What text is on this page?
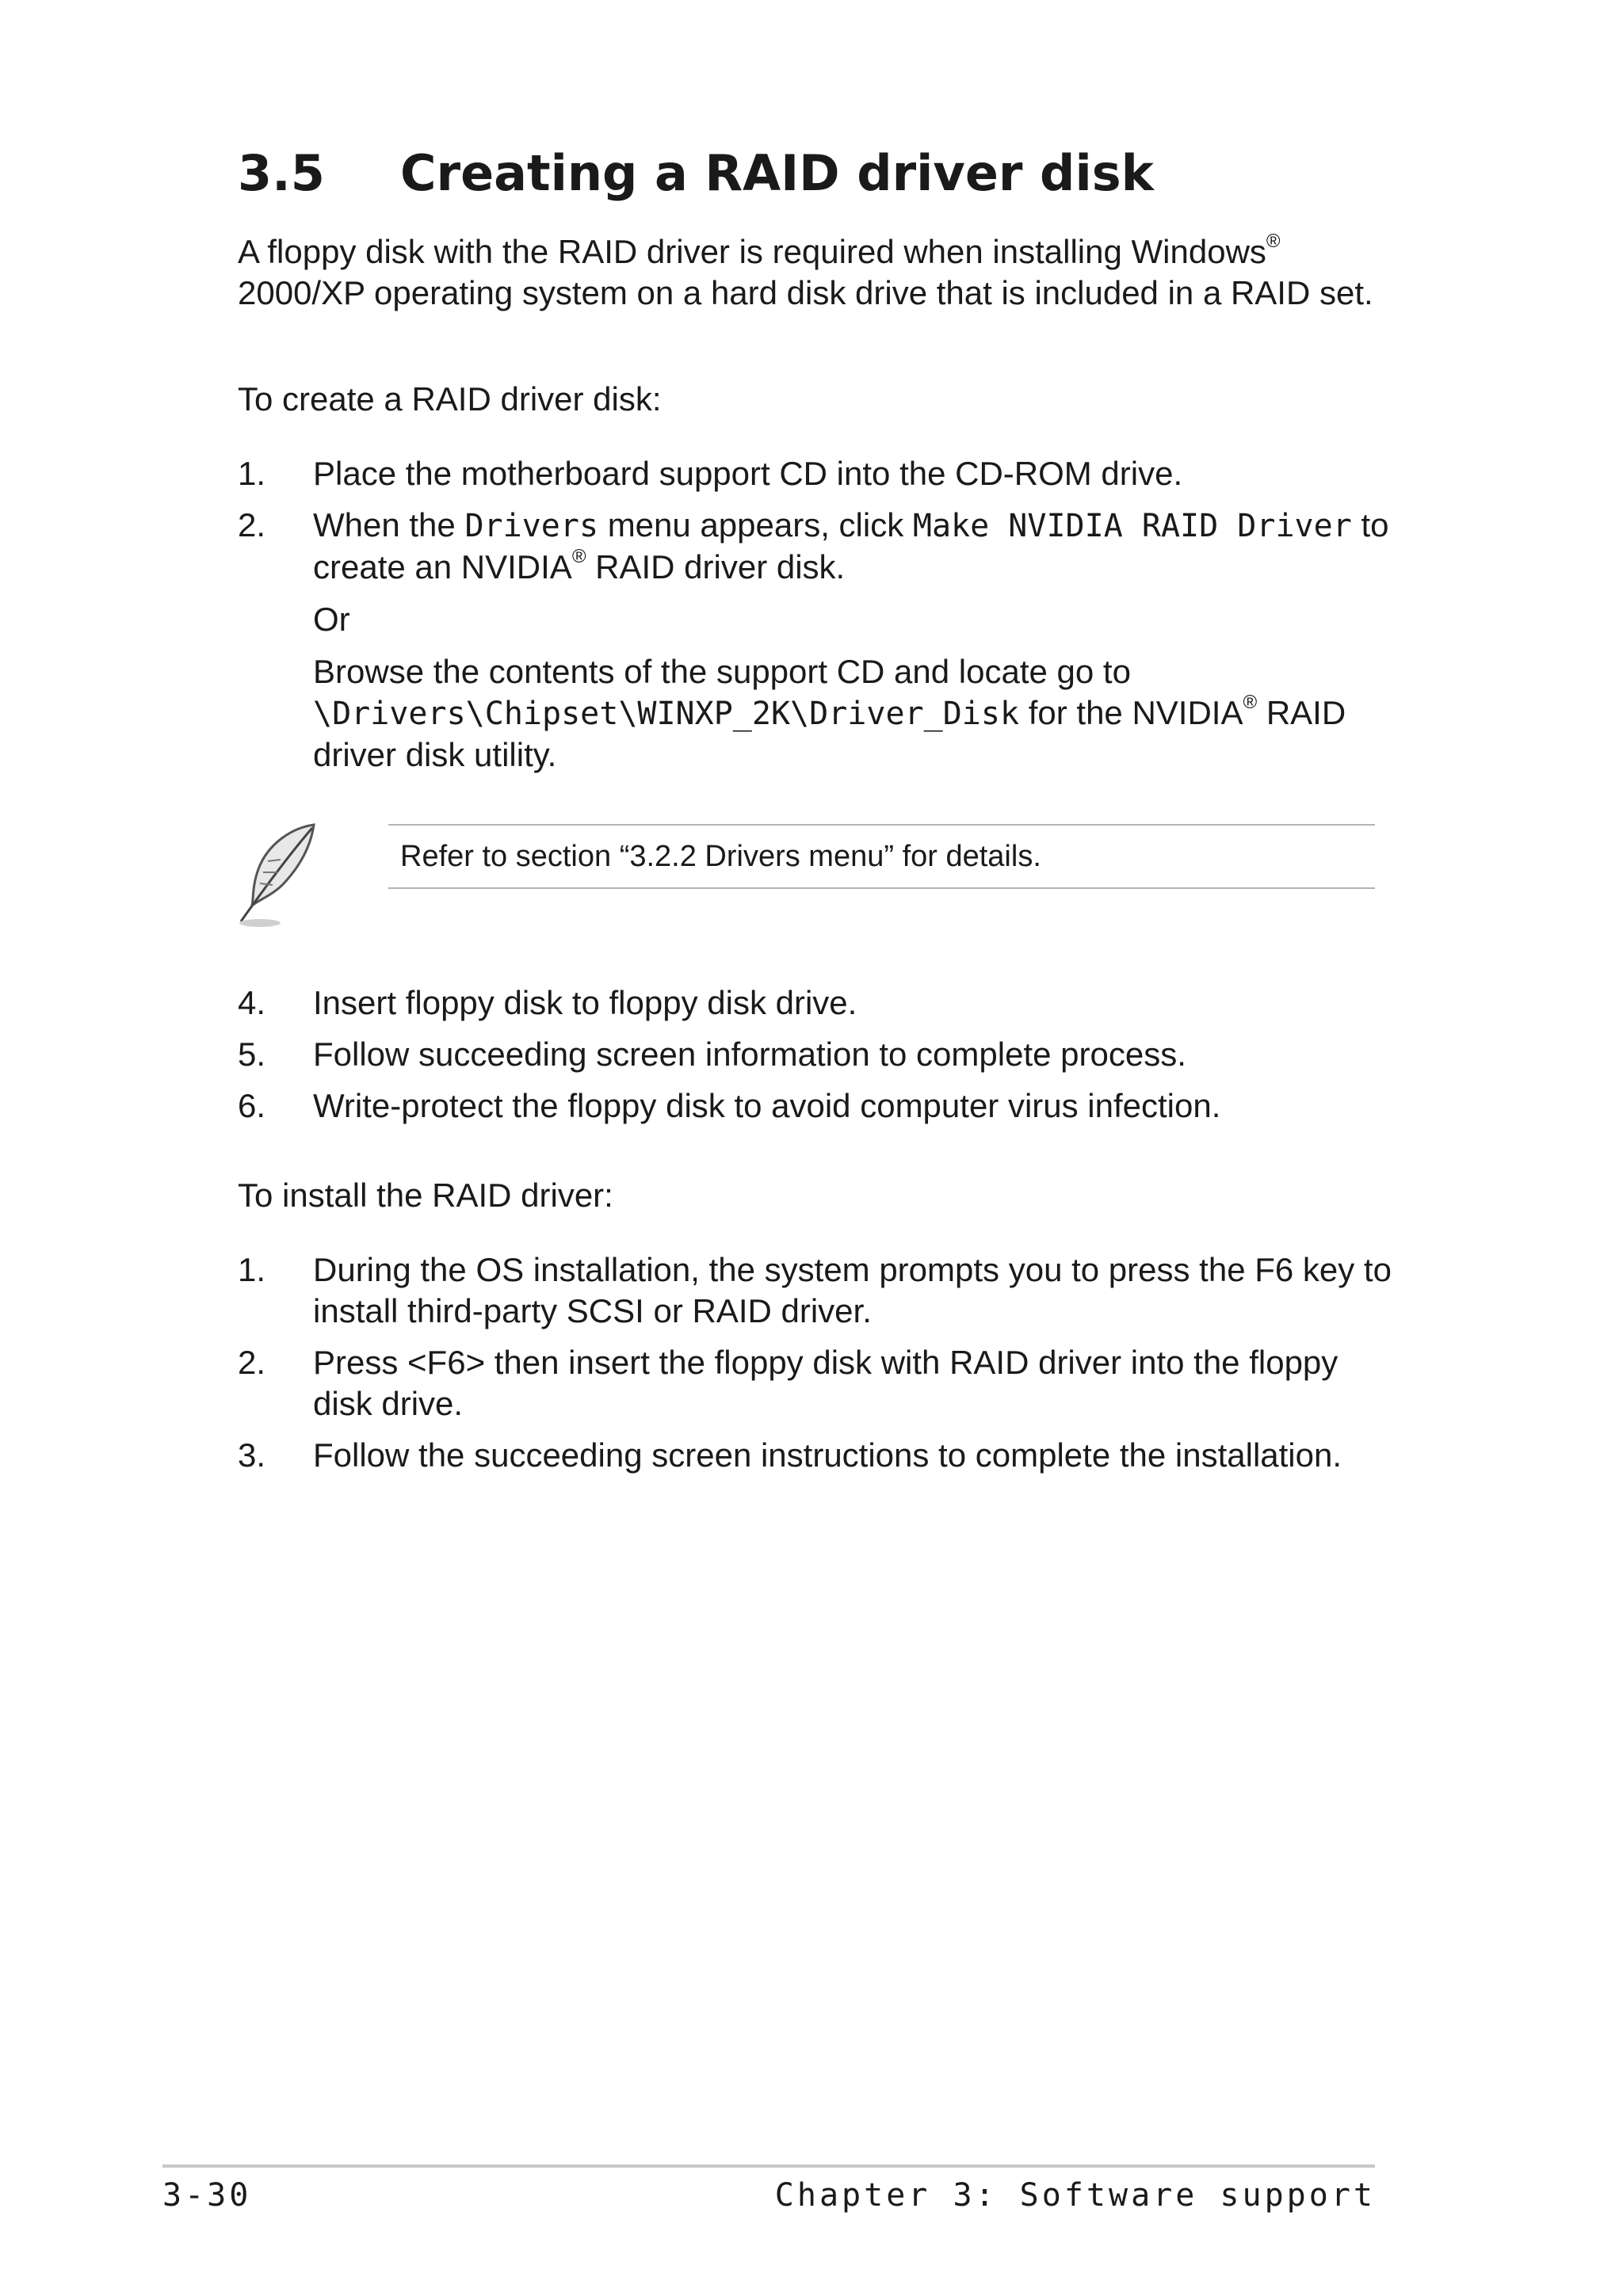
3.5 Creating a RAID driver disk

A floppy disk with the RAID driver is required when installing Windows® 2000/XP operating system on a hard disk drive that is included in a RAID set.

To create a RAID driver disk:

1. Place the motherboard support CD into the CD-ROM drive.
2. When the Drivers menu appears, click Make NVIDIA RAID Driver to create an NVIDIA® RAID driver disk.
Or
Browse the contents of the support CD and locate go to \Drivers\Chipset\WINXP_2K\Driver_Disk for the NVIDIA® RAID driver disk utility.

Refer to section “3.2.2 Drivers menu” for details.

4. Insert floppy disk to floppy disk drive.
5. Follow succeeding screen information to complete process.
6. Write-protect the floppy disk to avoid computer virus infection.

To install the RAID driver:

1. During the OS installation, the system prompts you to press the F6 key to install third-party SCSI or RAID driver.
2. Press <F6> then insert the floppy disk with RAID driver into the floppy disk drive.
3. Follow the succeeding screen instructions to complete the installation.

3-30	Chapter 3: Software support
